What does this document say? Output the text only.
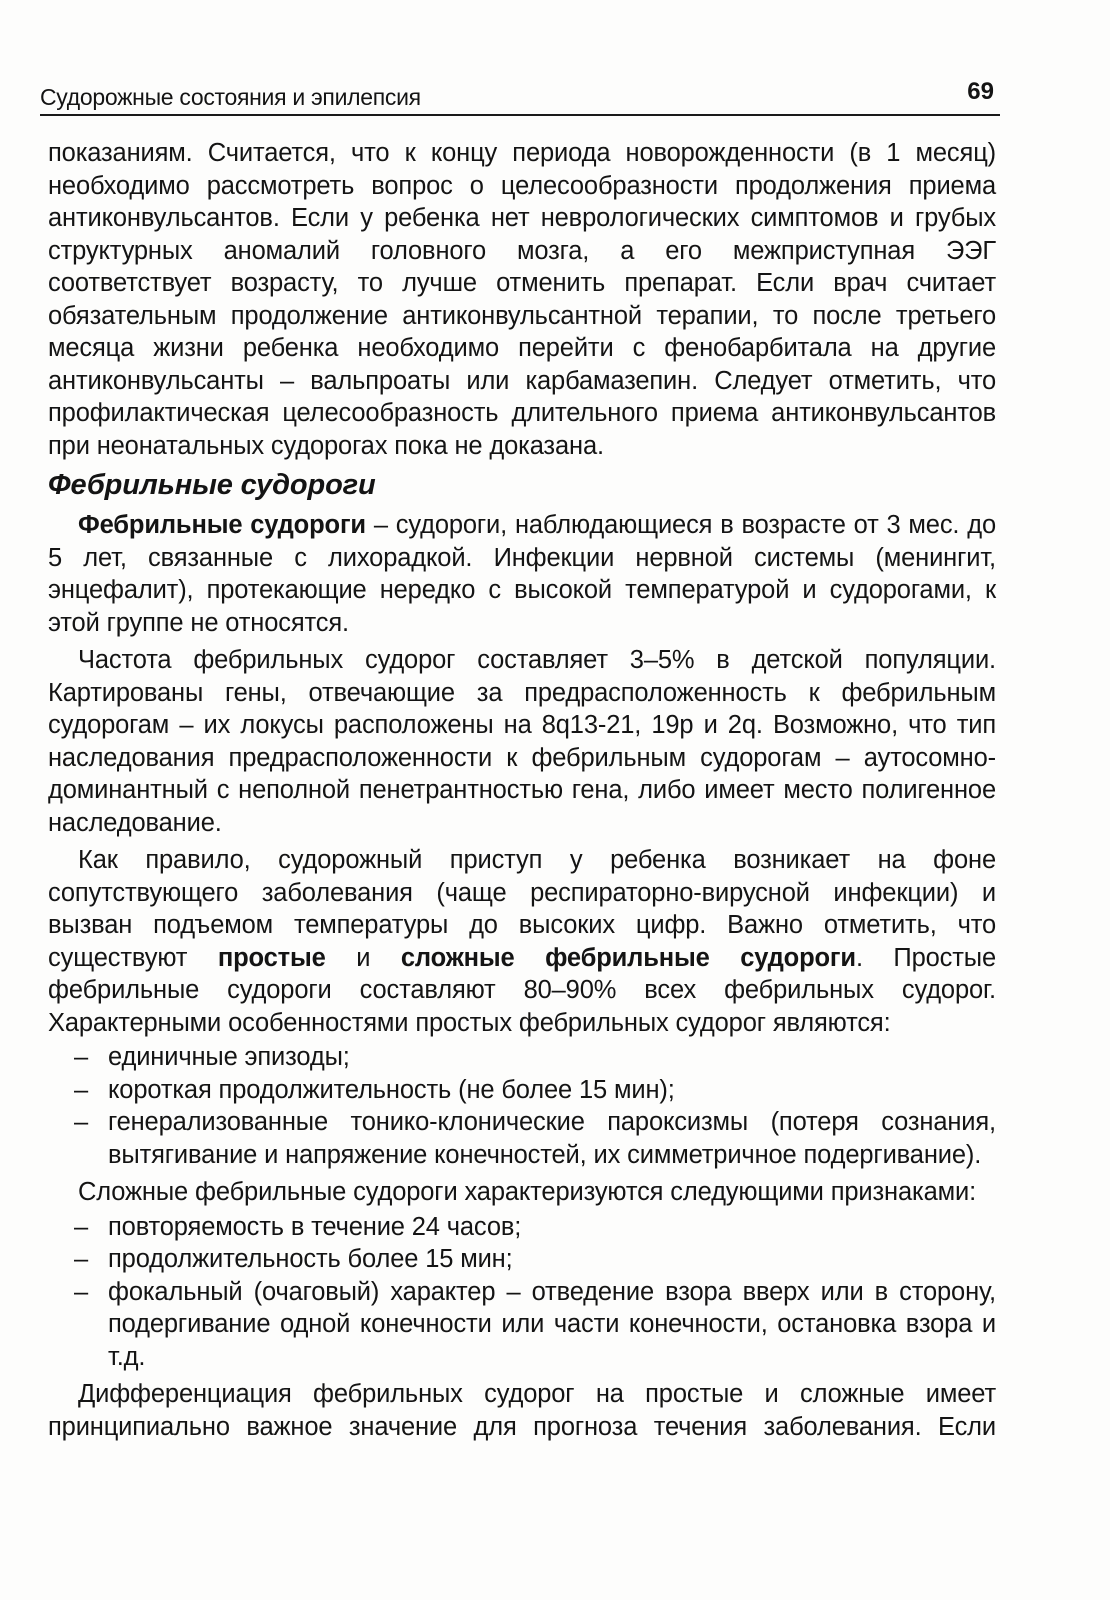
Судорожные состояния и эпилепсия	69

показаниям. Считается, что к концу периода новорожденности (в 1 месяц) необходимо рассмотреть вопрос о целесообразности продолжения приема антиконвульсантов. Если у ребенка нет неврологических симптомов и грубых структурных аномалий головного мозга, а его межприступная ЭЭГ соответствует возрасту, то лучше отменить препарат. Если врач считает обязательным продолжение антиконвульсантной терапии, то после третьего месяца жизни ребенка необходимо перейти с фенобарбитала на другие антиконвульсанты – вальпроаты или карбамазепин. Следует отметить, что профилактическая целесообразность длительного приема антиконвульсантов при неонатальных судорогах пока не доказана.

Фебрильные судороги

Фебрильные судороги – судороги, наблюдающиеся в возрасте от 3 мес. до 5 лет, связанные с лихорадкой. Инфекции нервной системы (менингит, энцефалит), протекающие нередко с высокой температурой и судорогами, к этой группе не относятся.

Частота фебрильных судорог составляет 3–5% в детской популяции. Картированы гены, отвечающие за предрасположенность к фебрильным судорогам – их локусы расположены на 8q13-21, 19p и 2q. Возможно, что тип наследования предрасположенности к фебрильным судорогам – аутосомно-доминантный с неполной пенетрантностью гена, либо имеет место полигенное наследование.

Как правило, судорожный приступ у ребенка возникает на фоне сопутствующего заболевания (чаще респираторно-вирусной инфекции) и вызван подъемом температуры до высоких цифр. Важно отметить, что существуют простые и сложные фебрильные судороги. Простые фебрильные судороги составляют 80–90% всех фебрильных судорог. Характерными особенностями простых фебрильных судорог являются:

– единичные эпизоды;
– короткая продолжительность (не более 15 мин);
– генерализованные тонико-клонические пароксизмы (потеря сознания, вытягивание и напряжение конечностей, их симметричное подергивание).

Сложные фебрильные судороги характеризуются следующими признаками:

– повторяемость в течение 24 часов;
– продолжительность более 15 мин;
– фокальный (очаговый) характер – отведение взора вверх или в сторону, подергивание одной конечности или части конечности, остановка взора и т.д.

Дифференциация фебрильных судорог на простые и сложные имеет принципиально важное значение для прогноза течения заболевания. Если
